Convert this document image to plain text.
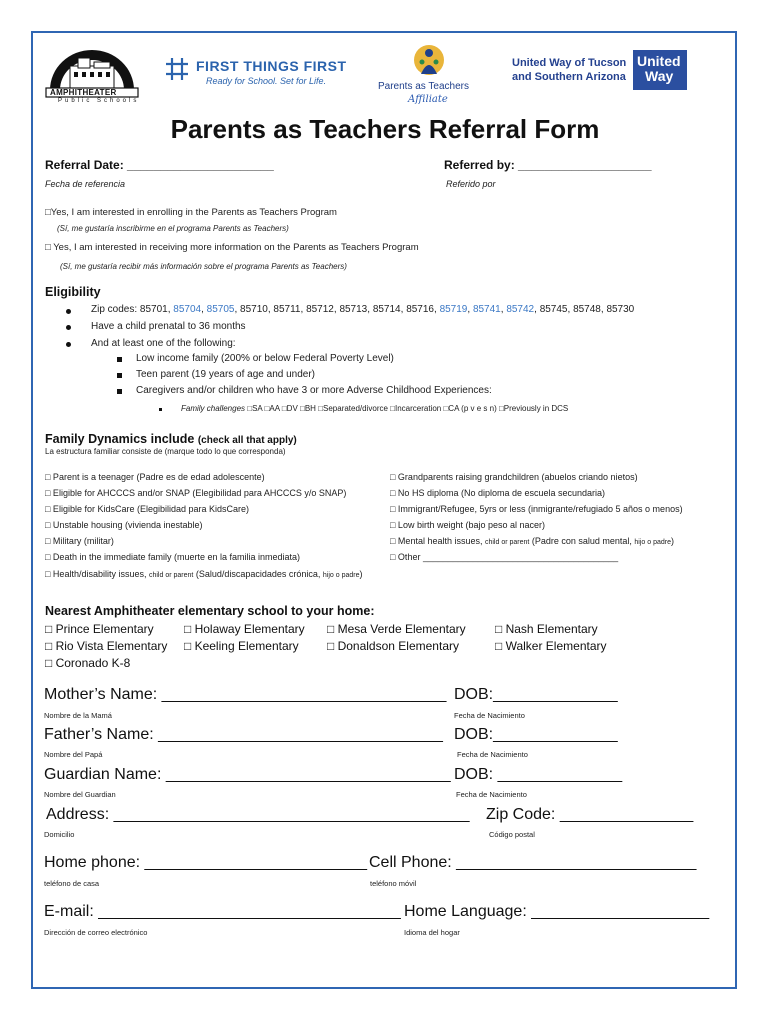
AMPHITHEATER
Public Schools
FIRST THINGS FIRST
Ready for School. Set for Life.	Parents as Teachers
Affiliate
United Way of Tucson
and Southern Arizona
United
Way
Parents as Teachers Referral Form
Referral Date: ______________________
Fecha de referencia
Referred by: ____________________
Referido por
□Yes, I am interested in enrolling in the Parents as Teachers Program
(Sí, me gustaría inscribirme en el programa Parents as Teachers)
□ Yes, I am interested in receiving more information on the Parents as Teachers Program
(Sí, me gustaría recibir más información sobre el programa Parents as Teachers)
Eligibility
Zip codes: 85701, 85704, 85705, 85710, 85711, 85712, 85713, 85714, 85716, 85719, 85741, 85742, 85745, 85748, 85730
Have a child prenatal to 36 months
And at least one of the following:
Low income family (200% or below Federal Poverty Level)
Teen parent (19 years of age and under)
Caregivers and/or children who have 3 or more Adverse Childhood Experiences:
Family challenges □SA □AA □DV □BH □Separated/divorce □Incarceration □CA (p v e s n) □Previously in DCS
Family Dynamics include (check all that apply)
La estructura familiar consiste de (marque todo lo que corresponda)
□ Parent is a teenager (Padre es de edad adolescente)
□ Eligible for AHCCCS and/or SNAP (Elegibilidad para AHCCCS y/o SNAP)
□ Eligible for KidsCare (Elegibilidad para KidsCare)
□ Unstable housing (vivienda inestable)
□ Military (militar)
□ Death in the immediate family (muerte en la familia inmediata)
□ Health/disability issues, child or parent (Salud/discapacidades crónica, hijo o padre)
□ Grandparents raising grandchildren (abuelos criando nietos)
□ No HS diploma (No diploma de escuela secundaria)
□ Immigrant/Refugee, 5yrs or less (inmigrante/refugiado 5 años o menos)
□ Low birth weight (bajo peso al nacer)
□ Mental health issues, child or parent (Padre con salud mental, hijo o padre)
□ Other _______________________________________
Nearest Amphitheater elementary school to your home:
□ Prince Elementary	□ Holaway Elementary □ Mesa Verde Elementary □ Nash Elementary
□ Rio Vista Elementary □ Keeling Elementary □ Donaldson Elementary	□ Walker Elementary
□ Coronado K-8
Mother’s Name: ________________________________
Nombre de la Mamá
DOB:______________
Fecha de Nacimiento
Father’s Name: ________________________________
Nombre del Papá
DOB:______________
Fecha de Nacimiento
Guardian Name: ________________________________
Nombre del Guardian
DOB: ______________
Fecha de Nacimiento
Address: ________________________________________
Domicilio
Zip Code: _______________
Código postal
Home phone: _________________________
teléfono de casa
Cell Phone: ___________________________
teléfono móvil
E-mail: __________________________________
Dirección de correo electrónico
Home Language: ____________________
Idioma del hogar
